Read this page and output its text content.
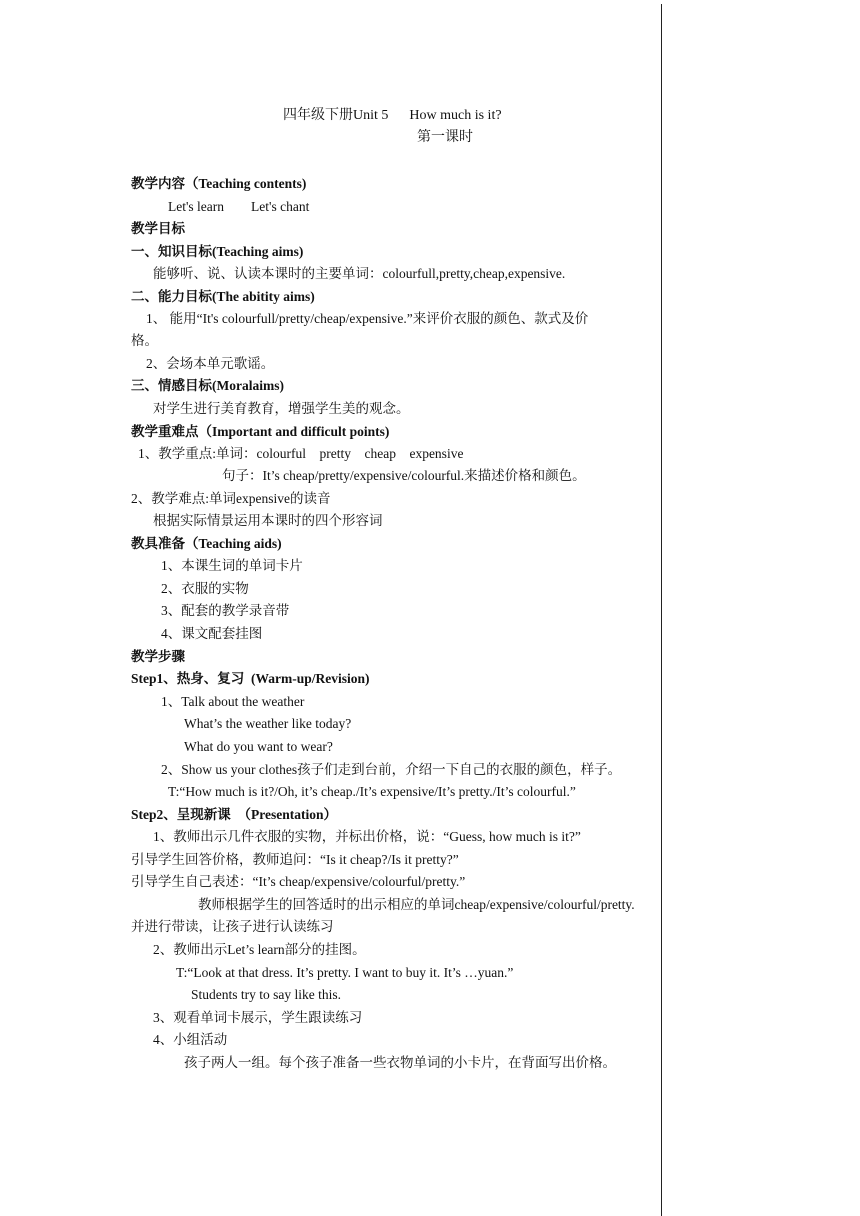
四年级下册Unit 5      How much is it?
第一课时
教学内容（Teaching contents)
Let's learn        Let's chant
教学目标
一、知识目标(Teaching aims)
能够听、说、认读本课时的主要单词：colourfull,pretty,cheap,expensive.
二、能力目标(The abitity aims)
1、 能用“It's colourfull/pretty/cheap/expensive.”来评价衣服的颜色、款式及价
格。
2、会场本单元歌谣。
三、情感目标(Moralaims)
对学生进行美育教育，增强学生美的观念。
教学重难点（Important and difficult points)
1、教学重点:单词：colourful    pretty    cheap    expensive
句子：It’s cheap/pretty/expensive/colourful.来描述价格和颜色。
2、教学难点:单词expensive的读音
根据实际情景运用本课时的四个形容词
教具准备（Teaching aids)
1、本课生词的单词卡片
2、衣服的实物
3、配套的教学录音带
4、课文配套挂图
教学步骤
Step1、热身、复习  (Warm-up/Revision)
1、Talk about the weather
What’s the weather like today?
What do you want to wear?
2、Show us your clothes孩子们走到台前，介绍一下自己的衣服的颜色，样子。
T:“How much is it?/Oh, it’s cheap./It’s expensive/It’s pretty./It’s colourful.”
Step2、呈现新课  （Presentation）
1、教师出示几件衣服的实物，并标出价格，说：“Guess, how much is it?”
引导学生回答价格，教师追问：“Is it cheap?/Is it pretty?”
引导学生自己表述：“It’s cheap/expensive/colourful/pretty.”
教师根据学生的回答适时的出示相应的单词cheap/expensive/colourful/pretty.
并进行带读，让孩子进行认读练习
2、教师出示Let’s learn部分的挂图。
T:“Look at that dress. It’s pretty. I want to buy it. It’s …yuan.”
Students try to say like this.
3、观看单词卡展示，学生跟读练习
4、小组活动
孩子两人一组。每个孩子准备一些衣物单词的小卡片，在背面写出价格。
